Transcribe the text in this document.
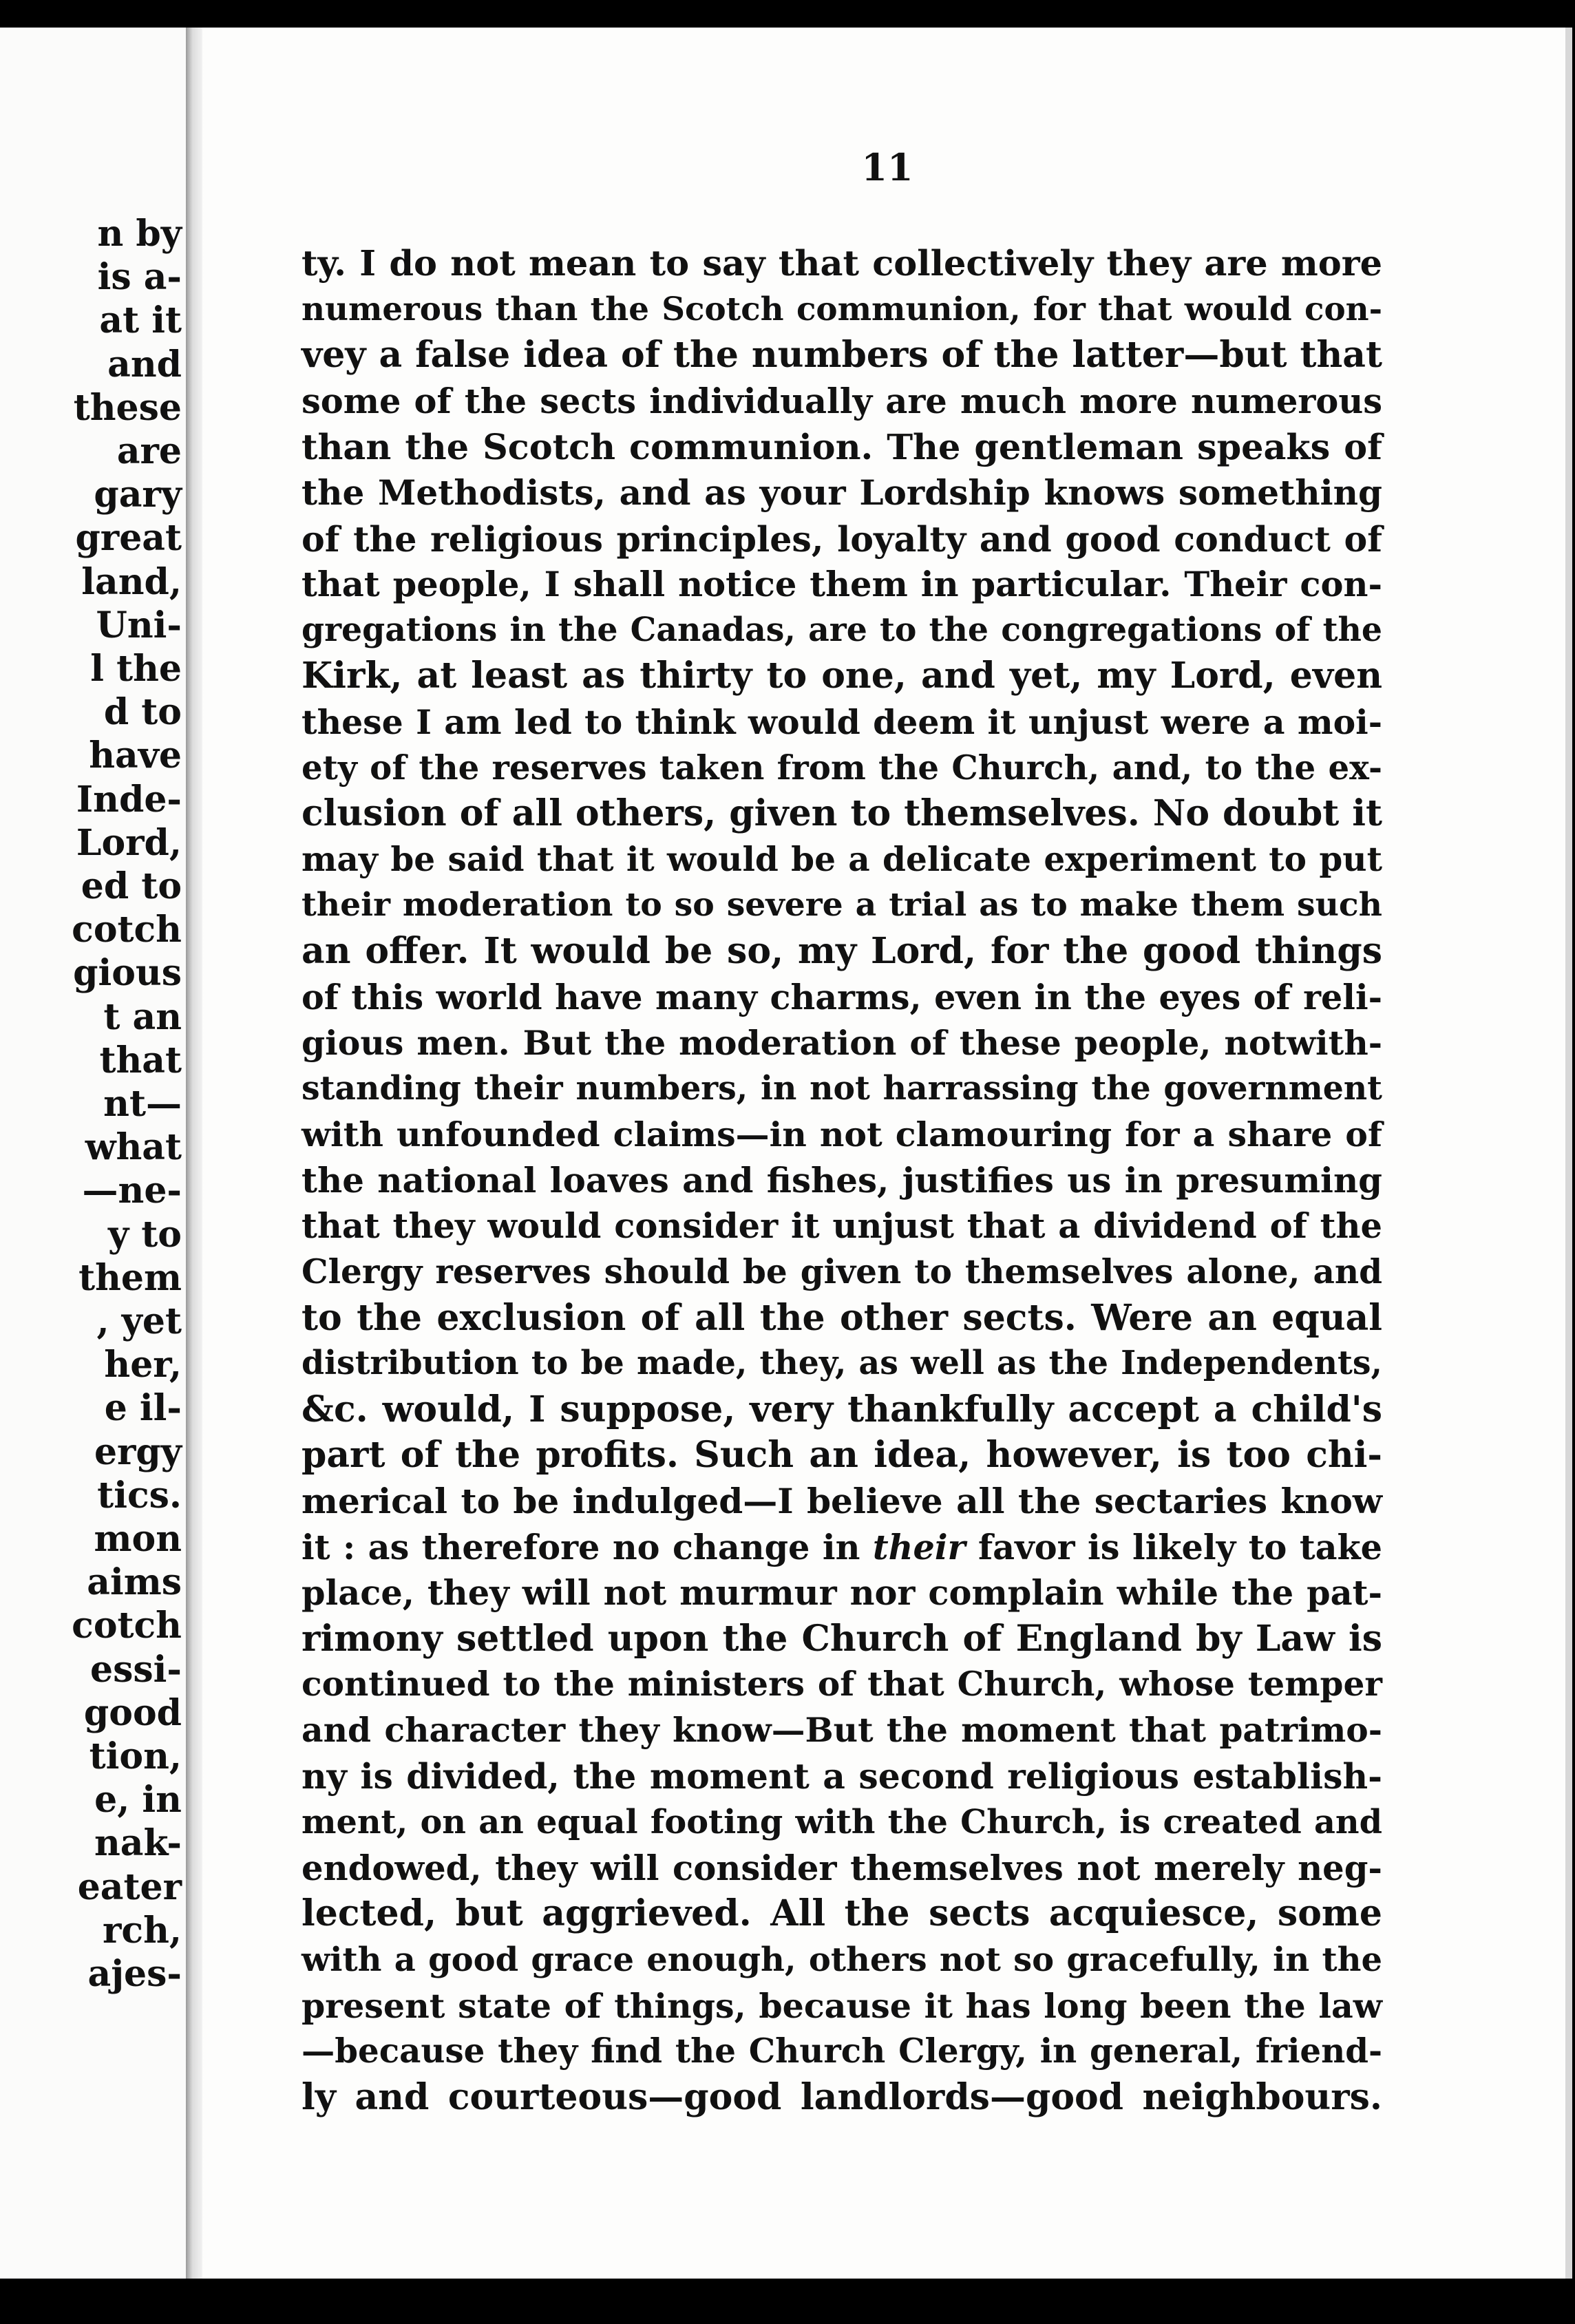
n by
is a-
at it
and
these
are
gary
great
land,
Uni-
l the
d to
have
Inde-
Lord,
ed to
cotch
gious
t an
that
nt—
what
—ne-
y to
them
, yet
her,
e il-
ergy
tics.
mon
aims
cotch
essi-
good
tion,
e, in
nak-
eater
rch,
ajes-
11
ty. I do not mean to say that collectively they are more
numerous than the Scotch communion, for that would con-
vey a false idea of the numbers of the latter—but that
some of the sects individually are much more numerous
than the Scotch communion. The gentleman speaks of
the Methodists, and as your Lordship knows something
of the religious principles, loyalty and good conduct of
that people, I shall notice them in particular. Their con-
gregations in the Canadas, are to the congregations of the
Kirk, at least as thirty to one, and yet, my Lord, even
these I am led to think would deem it unjust were a moi-
ety of the reserves taken from the Church, and, to the ex-
clusion of all others, given to themselves. No doubt it
may be said that it would be a delicate experiment to put
their moderation to so severe a trial as to make them such
an offer. It would be so, my Lord, for the good things
of this world have many charms, even in the eyes of reli-
gious men. But the moderation of these people, notwith-
standing their numbers, in not harrassing the government
with unfounded claims—in not clamouring for a share of
the national loaves and fishes, justifies us in presuming
that they would consider it unjust that a dividend of the
Clergy reserves should be given to themselves alone, and
to the exclusion of all the other sects. Were an equal
distribution to be made, they, as well as the Independents,
&c. would, I suppose, very thankfully accept a child's
part of the profits. Such an idea, however, is too chi-
merical to be indulged—I believe all the sectaries know
it : as therefore no change in their favor is likely to take
place, they will not murmur nor complain while the pat-
rimony settled upon the Church of England by Law is
continued to the ministers of that Church, whose temper
and character they know—But the moment that patrimo-
ny is divided, the moment a second religious establish-
ment, on an equal footing with the Church, is created and
endowed, they will consider themselves not merely neg-
lected, but aggrieved. All the sects acquiesce, some
with a good grace enough, others not so gracefully, in the
present state of things, because it has long been the law
—because they find the Church Clergy, in general, friend-
ly and courteous—good landlords—good neighbours.
